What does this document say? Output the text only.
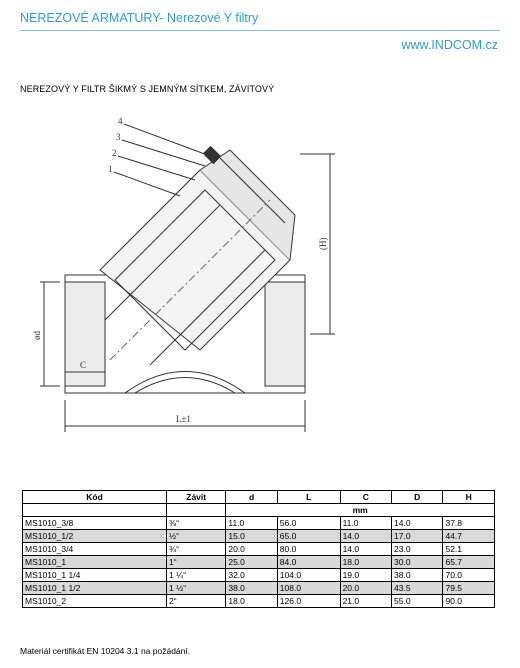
NEREZOVÉ ARMATURY- Nerezové Y filtry
www.INDCOM.cz
NEREZOVÝ Y FILTR ŠIKMÝ S JEMNÝM SÍTKEM, ZÁVITOVÝ
4
3
2
1
(H)
ød
C
L±1
Kód	Závit	d	L	C	D	H
		mm				
MS1010_3/8	⅜“	11.0	56.0	11.0	14.0	37.8
MS1010_1/2	½“	15.0	65.0	14.0	17.0	44.7
MS1010_3/4	¾“	20.0	80.0	14.0	23.0	52.1
MS1010_1	1“	25.0	84.0	18.0	30.0	65.7
MS1010_1 1/4	1 ¼“	32.0	104.0	19.0	38.0	70.0
MS1010_1 1/2	1 ½“	38.0	108.0	20.0	43.5	79.5
MS1010_2	2“	18.0	126.0	21.0	55.0	90.0
Materiál certifikát EN 10204 3.1 na požádání.
